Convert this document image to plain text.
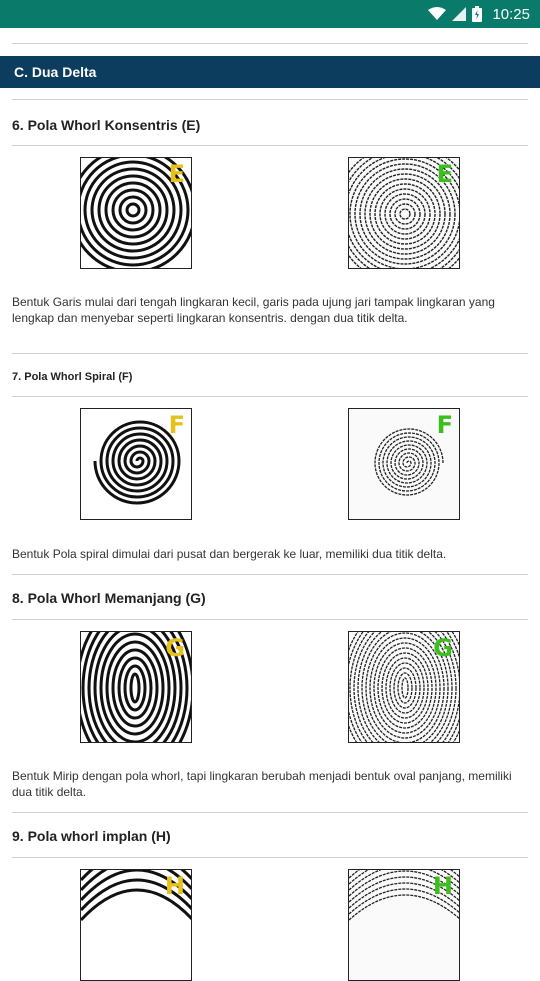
10:25
C. Dua Delta
6. Pola Whorl Konsentris (E)
E	E
Bentuk Garis mulai dari tengah lingkaran kecil, garis pada ujung jari tampak lingkaran yang lengkap dan menyebar seperti lingkaran konsentris. dengan dua titik delta.
7. Pola Whorl Spiral (F)
F	F
Bentuk Pola spiral dimulai dari pusat dan bergerak ke luar, memiliki dua titik delta.
8. Pola Whorl Memanjang (G)
G	G
Bentuk Mirip dengan pola whorl, tapi lingkaran berubah menjadi bentuk oval panjang, memiliki dua titik delta.
9. Pola whorl implan (H)
H	H
